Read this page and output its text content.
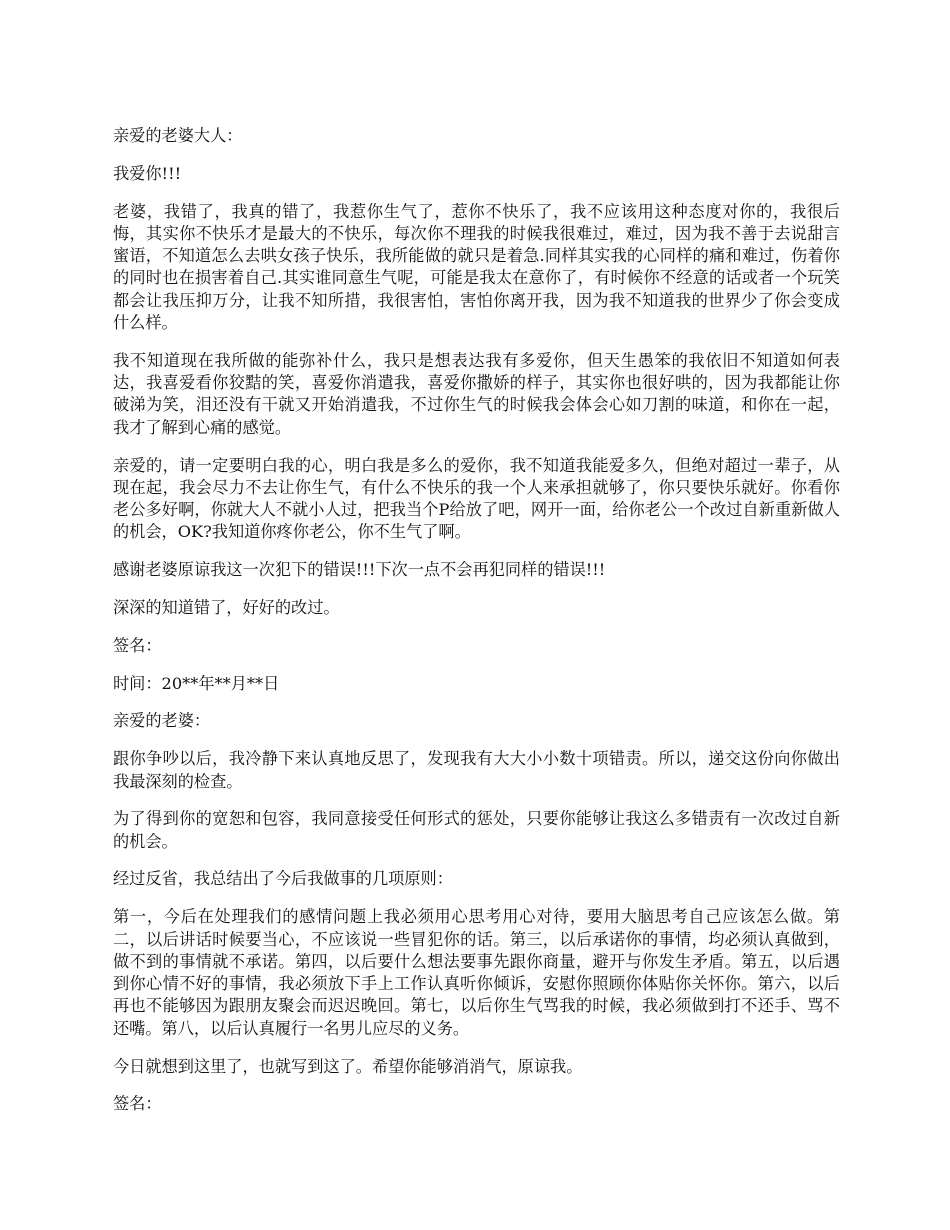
亲爱的老婆大人：

我爱你!!!

老婆，我错了，我真的错了，我惹你生气了，惹你不快乐了，我不应该用这种态度对你的，我很后悔，其实你不快乐才是最大的不快乐，每次你不理我的时候我很难过，难过，因为我不善于去说甜言蜜语，不知道怎么去哄女孩子快乐，我所能做的就只是着急.同样其实我的心同样的痛和难过，伤着你的同时也在损害着自己.其实谁同意生气呢，可能是我太在意你了，有时候你不经意的话或者一个玩笑都会让我压抑万分，让我不知所措，我很害怕，害怕你离开我，因为我不知道我的世界少了你会变成什么样。

我不知道现在我所做的能弥补什么，我只是想表达我有多爱你，但天生愚笨的我依旧不知道如何表达，我喜爱看你狡黠的笑，喜爱你消遣我，喜爱你撒娇的样子，其实你也很好哄的，因为我都能让你破涕为笑，泪还没有干就又开始消遣我，不过你生气的时候我会体会心如刀割的味道，和你在一起，我才了解到心痛的感觉。

亲爱的，请一定要明白我的心，明白我是多么的爱你，我不知道我能爱多久，但绝对超过一辈子，从现在起，我会尽力不去让你生气，有什么不快乐的我一个人来承担就够了，你只要快乐就好。你看你老公多好啊，你就大人不就小人过，把我当个P给放了吧，网开一面，给你老公一个改过自新重新做人的机会，OK?我知道你疼你老公，你不生气了啊。

感谢老婆原谅我这一次犯下的错误!!!下次一点不会再犯同样的错误!!!

深深的知道错了，好好的改过。

签名：

时间：20**年**月**日

亲爱的老婆：

跟你争吵以后，我冷静下来认真地反思了，发现我有大大小小数十项错责。所以，递交这份向你做出我最深刻的检查。

为了得到你的宽恕和包容，我同意接受任何形式的惩处，只要你能够让我这么多错责有一次改过自新的机会。

经过反省，我总结出了今后我做事的几项原则：

第一，今后在处理我们的感情问题上我必须用心思考用心对待，要用大脑思考自己应该怎么做。第二，以后讲话时候要当心，不应该说一些冒犯你的话。第三，以后承诺你的事情，均必须认真做到，做不到的事情就不承诺。第四，以后要什么想法要事先跟你商量，避开与你发生矛盾。第五，以后遇到你心情不好的事情，我必须放下手上工作认真听你倾诉，安慰你照顾你体贴你关怀你。第六，以后再也不能够因为跟朋友聚会而迟迟晚回。第七，以后你生气骂我的时候，我必须做到打不还手、骂不还嘴。第八，以后认真履行一名男儿应尽的义务。

今日就想到这里了，也就写到这了。希望你能够消消气，原谅我。

签名：
